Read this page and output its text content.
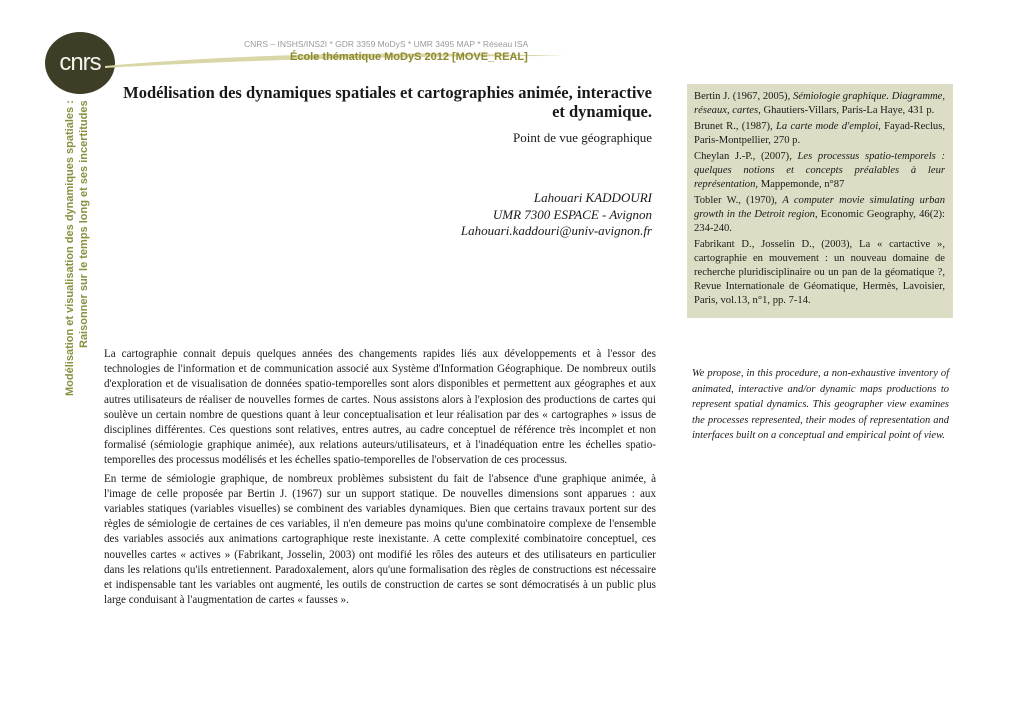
cnrs
CNRS – INSHS/INS2I * GDR 3359 MoDyS * UMR 3495 MAP * Réseau ISA
École thématique MoDyS 2012 [MOVE_REAL]
Modélisation et visualisation des dynamiques spatiales : Raisonner sur le temps long et ses incertitudes
Modélisation des dynamiques spatiales et cartographies animée, interactive
et dynamique.
Point de vue géographique
Lahouari KADDOURI
UMR 7300 ESPACE - Avignon
Lahouari.kaddouri@univ-avignon.fr
Bertin J. (1967, 2005), Sémiologie graphique. Diagramme, réseaux, cartes, Ghautiers-Villars, Paris-La Haye, 431 p.
Brunet R., (1987), La carte mode d'emploi, Fayad-Reclus, Paris-Montpellier, 270 p.
Cheylan J.-P., (2007), Les processus spatio-temporels : quelques notions et concepts préalables à leur représentation, Mappemonde, n°87
Tobler W., (1970), A computer movie simulating urban growth in the Detroit region, Economic Geography, 46(2): 234-240.
Fabrikant D., Josselin D., (2003), La « cartactive », cartographie en mouvement : un nouveau domaine de recherche pluridisciplinaire ou un pan de la géomatique ?, Revue Internationale de Géomatique, Hermès, Lavoisier, Paris, vol.13, n°1, pp. 7-14.
We propose, in this procedure, a non-exhaustive inventory of animated, interactive and/or dynamic maps productions to represent spatial dynamics. This geographer view examines the processes represented, their modes of representation and interfaces built on a conceptual and empirical point of view.

La cartographie connait depuis quelques années des changements rapides liés aux développements et à l'essor des technologies de l'information et de communication associé aux Système d'Information Géographique. De nombreux outils d'exploration et de visualisation de données spatio-temporelles sont alors disponibles et permettent aux géographes et aux autres utilisateurs de réaliser de nouvelles formes de cartes. Nous assistons alors à l'explosion des productions de cartes qui soulève un certain nombre de questions quant à leur conceptualisation et leur réalisation par des « cartographes » issus de disciplines différentes. Ces questions sont relatives, entres autres, au cadre conceptuel de référence très incomplet et non formalisé (sémiologie graphique animée), aux relations auteurs/utilisateurs, et à l'inadéquation entre les échelles spatio-temporelles des processus modélisés et les échelles spatio-temporelles de l'observation de ces processus.

En terme de sémiologie graphique, de nombreux problèmes subsistent du fait de l'absence d'une graphique animée, à l'image de celle proposée par Bertin J. (1967) sur un support statique. De nouvelles dimensions sont apparues : aux variables statiques (variables visuelles) se combinent des variables dynamiques. Bien que certains travaux portent sur des règles de sémiologie de certaines de ces variables, il n'en demeure pas moins qu'une combinatoire complexe de l'ensemble des variables associés aux animations cartographique reste inexistante. A cette complexité combinatoire conceptuel, ces nouvelles cartes « actives » (Fabrikant, Josselin, 2003) ont modifié les rôles des auteurs et des utilisateurs en particulier dans les relations qu'ils entretiennent. Paradoxalement, alors qu'une formalisation des règles de constructions est nécessaire et indispensable tant les variables ont augmenté, les outils de construction de cartes se sont démocratisés à un public plus large conduisant à l'augmentation de cartes « fausses ».
